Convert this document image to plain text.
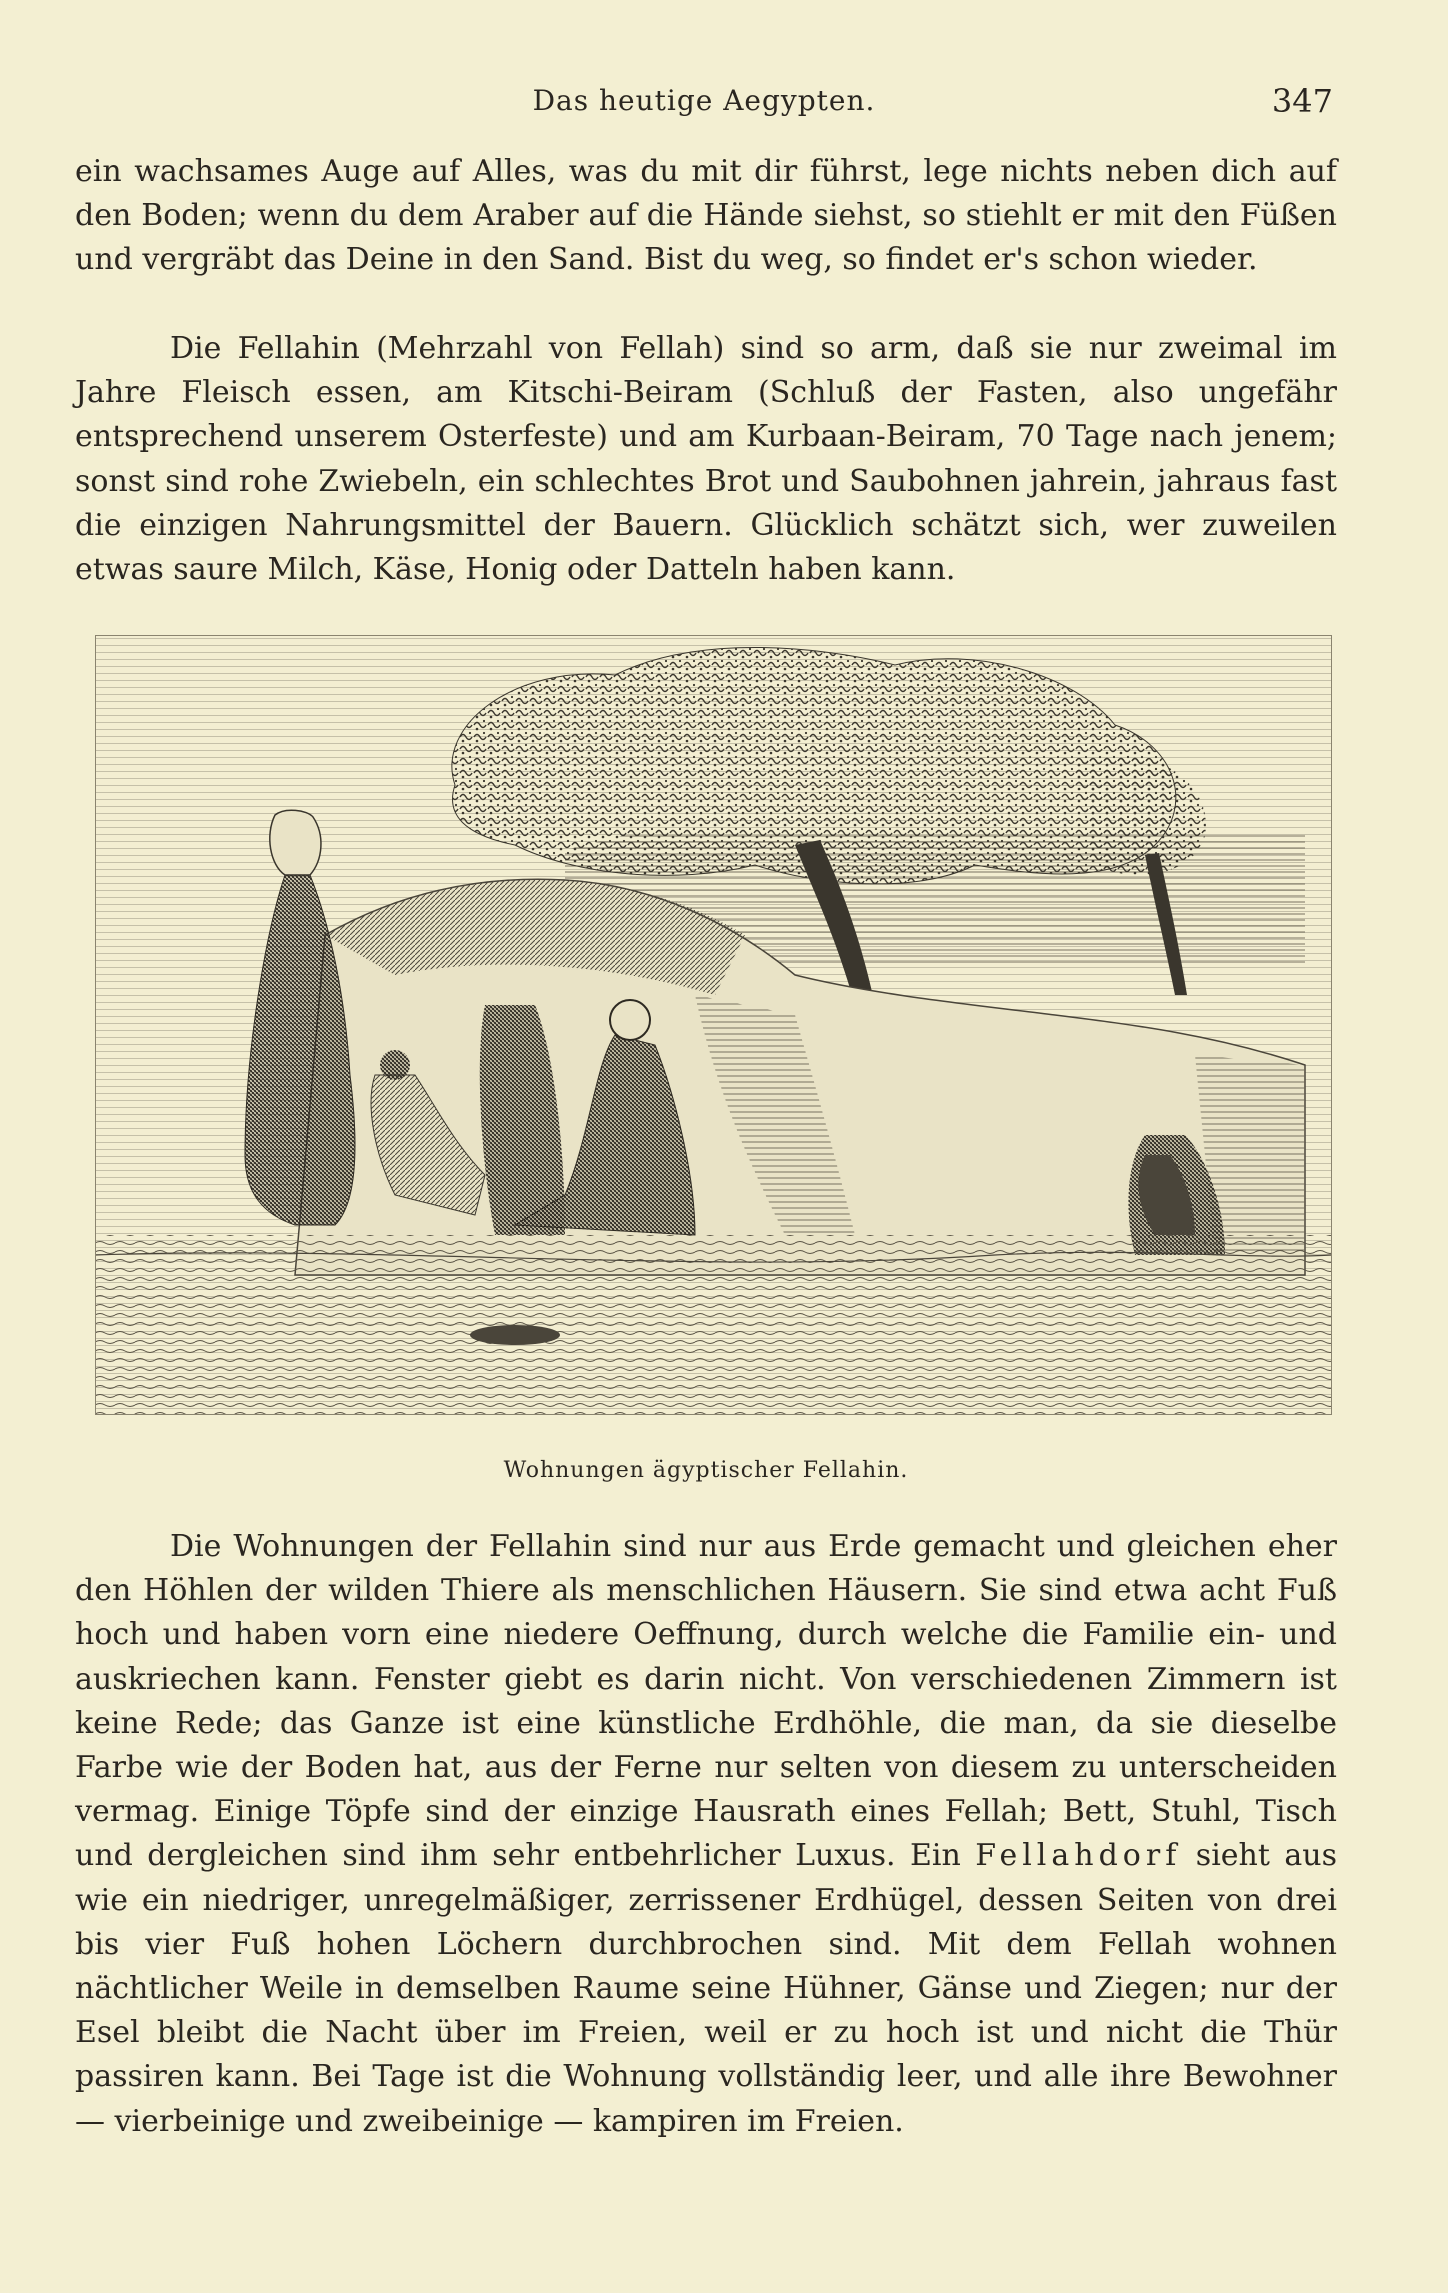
Das heutige Aegypten.	347

ein wachsames Auge auf Alles, was du mit dir führst, lege nichts neben dich auf den Boden; wenn du dem Araber auf die Hände siehst, so stiehlt er mit den Füßen und vergräbt das Deine in den Sand. Bist du weg, so findet er's schon wieder.

Die Fellahin (Mehrzahl von Fellah) sind so arm, daß sie nur zweimal im Jahre Fleisch essen, am Kitschi-Beiram (Schluß der Fasten, also ungefähr entsprechend unserem Osterfeste) und am Kurbaan-Beiram, 70 Tage nach jenem; sonst sind rohe Zwiebeln, ein schlechtes Brot und Saubohnen jahrein, jahraus fast die einzigen Nahrungsmittel der Bauern. Glücklich schätzt sich, wer zuweilen etwas saure Milch, Käse, Honig oder Datteln haben kann.

Wohnungen ägyptischer Fellahin.

Die Wohnungen der Fellahin sind nur aus Erde gemacht und gleichen eher den Höhlen der wilden Thiere als menschlichen Häusern. Sie sind etwa acht Fuß hoch und haben vorn eine niedere Oeffnung, durch welche die Familie ein- und auskriechen kann. Fenster giebt es darin nicht. Von verschiedenen Zimmern ist keine Rede; das Ganze ist eine künstliche Erdhöhle, die man, da sie dieselbe Farbe wie der Boden hat, aus der Ferne nur selten von diesem zu unterscheiden vermag. Einige Töpfe sind der einzige Hausrath eines Fellah; Bett, Stuhl, Tisch und dergleichen sind ihm sehr entbehrlicher Luxus. Ein Fellahdorf sieht aus wie ein niedriger, unregelmäßiger, zerrissener Erdhügel, dessen Seiten von drei bis vier Fuß hohen Löchern durchbrochen sind. Mit dem Fellah wohnen nächtlicher Weile in demselben Raume seine Hühner, Gänse und Ziegen; nur der Esel bleibt die Nacht über im Freien, weil er zu hoch ist und nicht die Thür passiren kann. Bei Tage ist die Wohnung vollständig leer, und alle ihre Bewohner — vierbeinige und zweibeinige — kampiren im Freien.
